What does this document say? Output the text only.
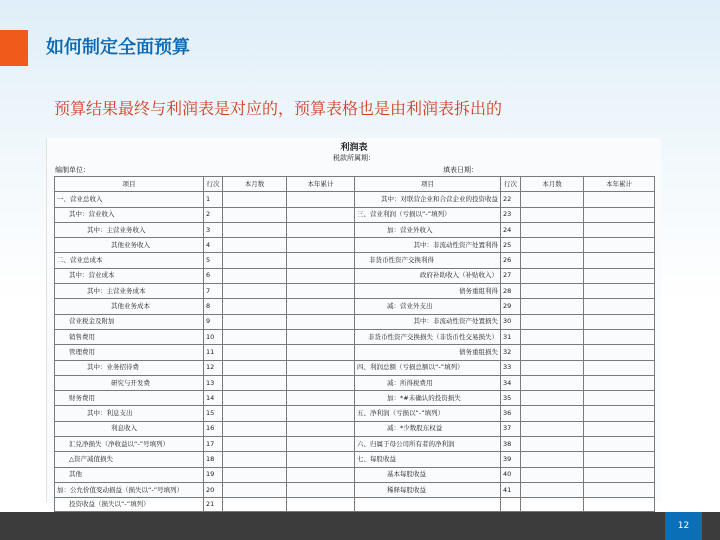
如何制定全面预算
预算结果最终与利润表是对应的，预算表格也是由利润表拆出的
利润表
税款所属期：
编制单位：	填表日期：
项目	行次	本月数	本年累计	项目	行次	本月数	本年累计
一、营业总收入	1			其中：对联营企业和合营企业的投资收益	22		
其中：营业收入	2			三、营业利润（亏损以“-”填列）	23		
其中：主营业务收入	3			加：营业外收入	24		
其他业务收入	4			其中：非流动性资产处置利得	25		
二、营业总成本	5			非货币性资产交换利得	26		
其中：营业成本	6			政府补助收入（补贴收入）	27		
其中：主营业务成本	7			债务重组利得	28		
其他业务成本	8			减：营业外支出	29		
营业税金及附加	9			其中：非流动性资产处置损失	30		
销售费用	10			非货币性资产交换损失（非货币性交易损失）	31		
管理费用	11			债务重组损失	32		
其中：业务招待费	12			四、利润总额（亏损总额以“-”填列）	33		
研究与开发费	13			减：所得税费用	34		
财务费用	14			加：*#未确认的投资损失	35		
其中：利息支出	15			五、净利润（亏损以“-”填列）	36		
利息收入	16			减：*少数股东权益	37		
汇兑净损失（净收益以“-”号填列）	17			六、归属于母公司所有者的净利润	38		
△资产减值损失	18			七、每股收益	39		
其他	19			基本每股收益	40		
加：公允价值变动损益（损失以“-”号填列）	20			稀释每股收益	41		
投资收益（损失以“-”填列）	21						
12
